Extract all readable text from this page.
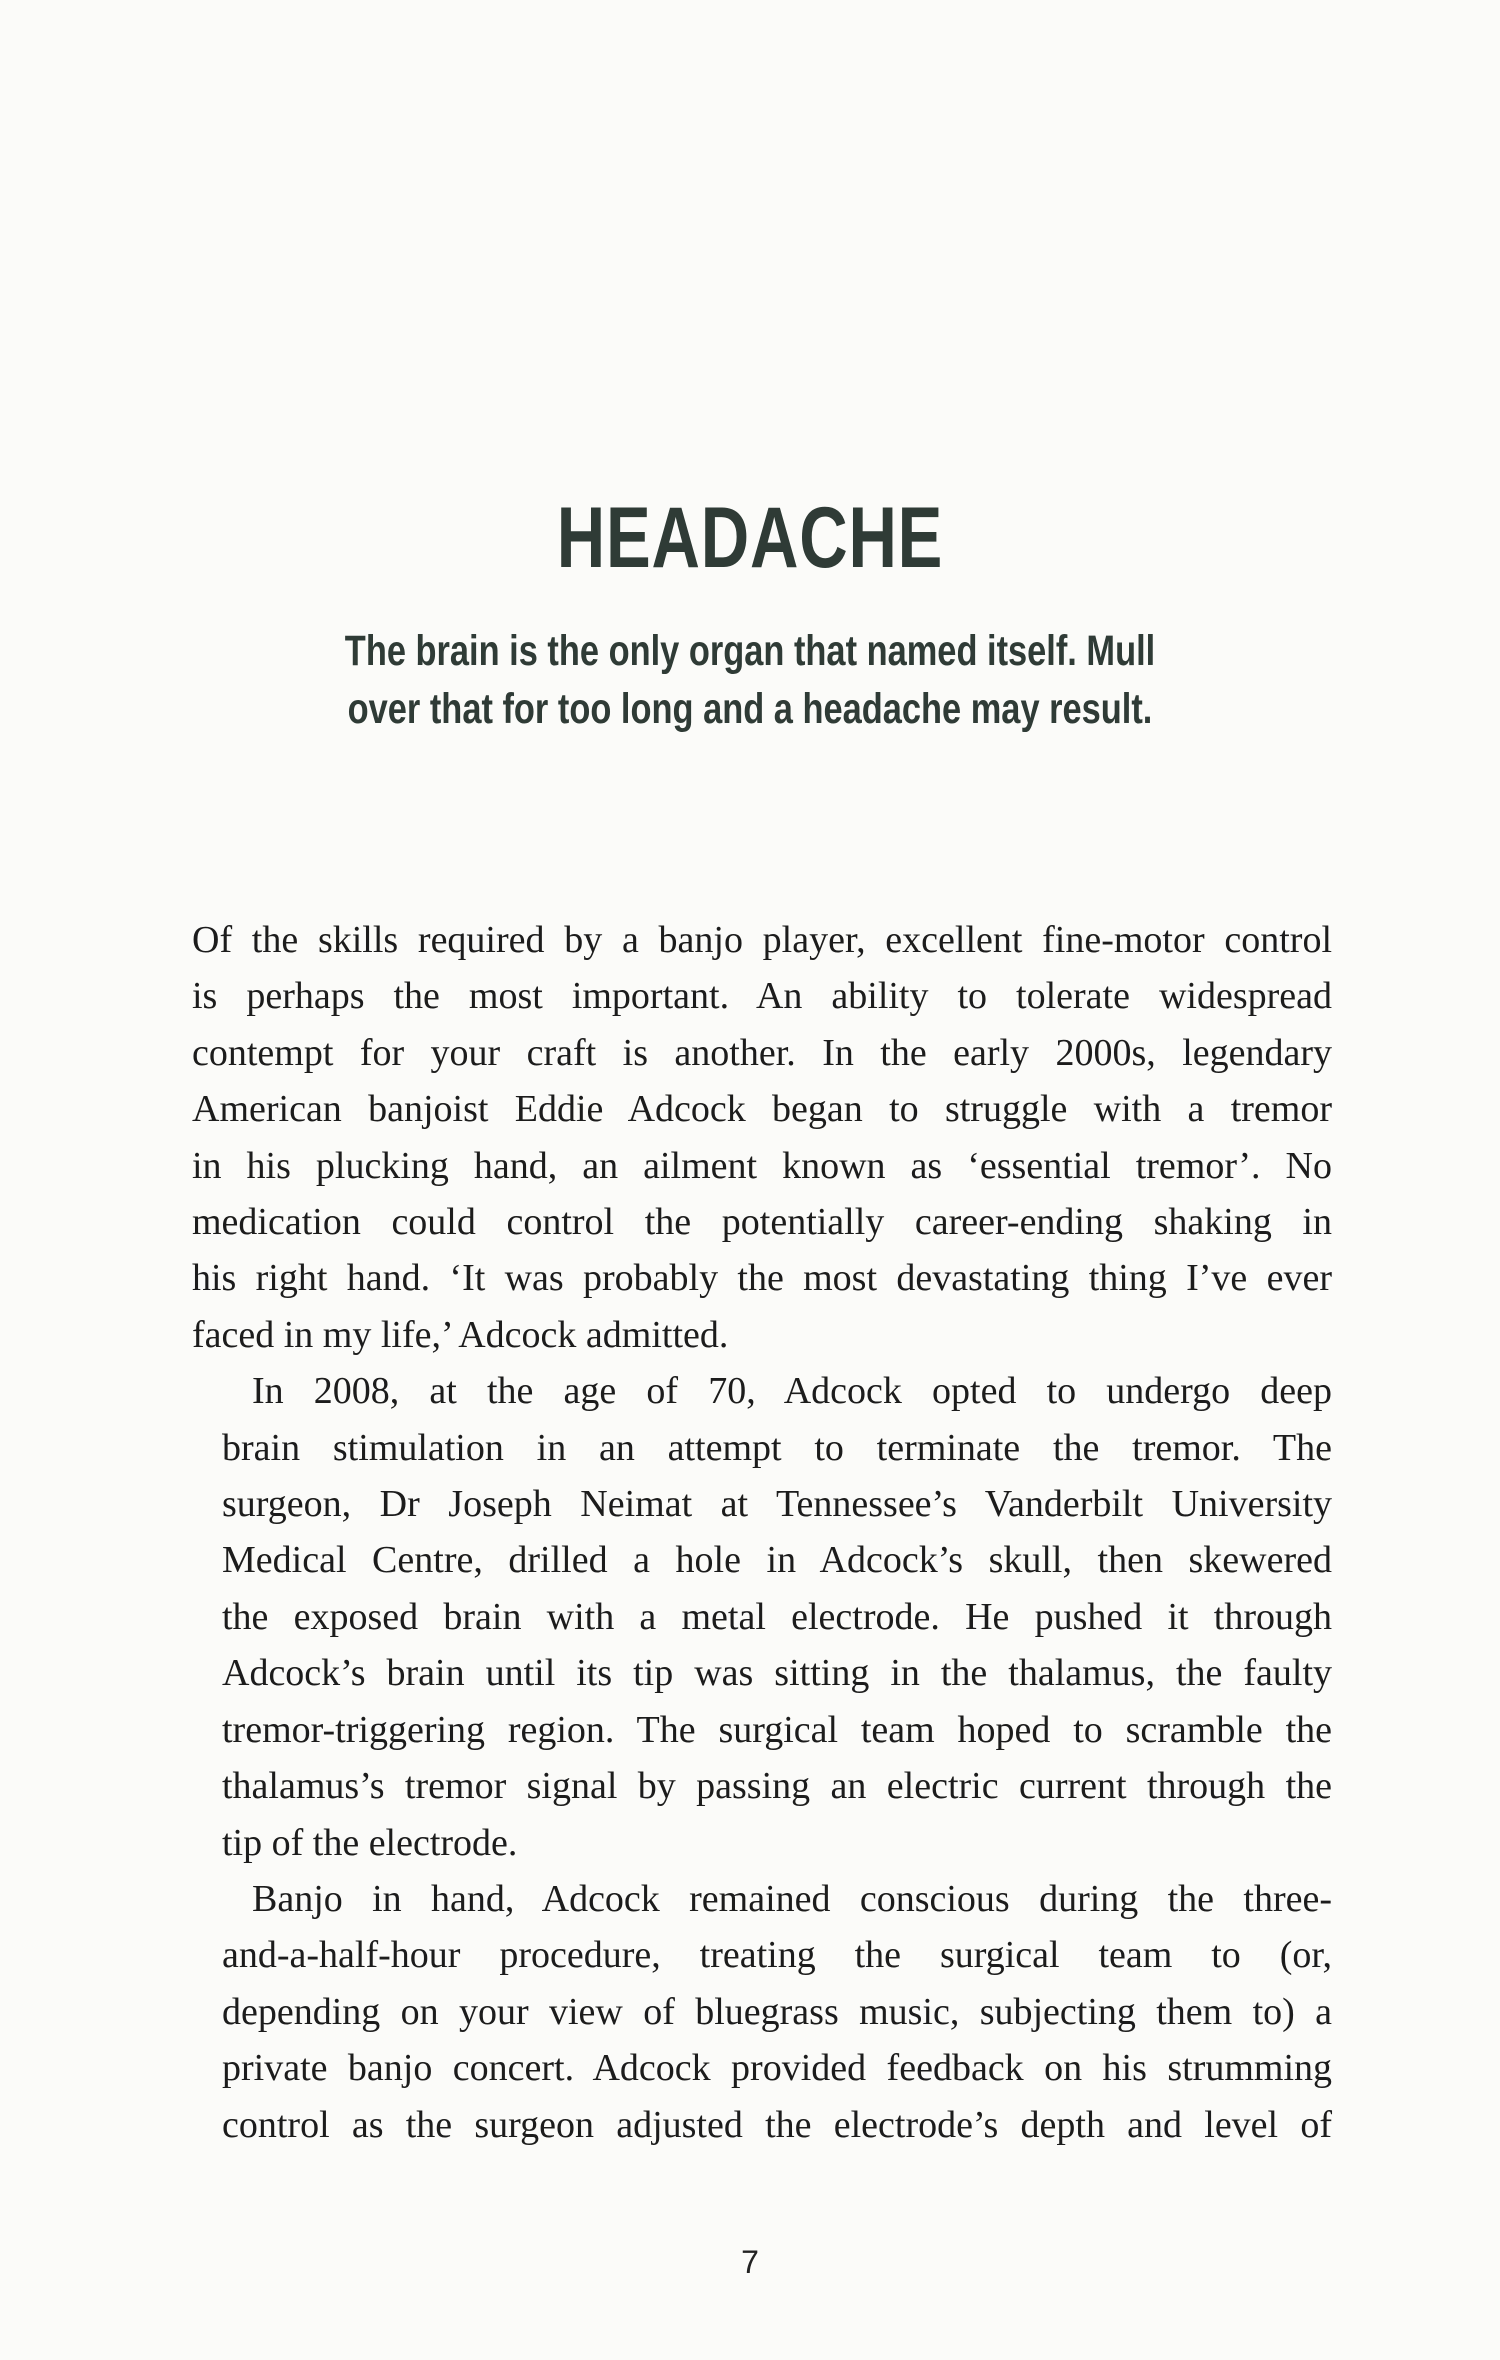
HEADACHE
The brain is the only organ that named itself. Mull
over that for too long and a headache may result.
Of the skills required by a banjo player, excellent fine-motor control
is perhaps the most important. An ability to tolerate widespread
contempt for your craft is another. In the early 2000s, legendary
American banjoist Eddie Adcock began to struggle with a tremor
in his plucking hand, an ailment known as ‘essential tremor’. No
medication could control the potentially career-ending shaking in
his right hand. ‘It was probably the most devastating thing I’ve ever
faced in my life,’ Adcock admitted.
In 2008, at the age of 70, Adcock opted to undergo deep
brain stimulation in an attempt to terminate the tremor. The
surgeon, Dr Joseph Neimat at Tennessee’s Vanderbilt University
Medical Centre, drilled a hole in Adcock’s skull, then skewered
the exposed brain with a metal electrode. He pushed it through
Adcock’s brain until its tip was sitting in the thalamus, the faulty
tremor-triggering region. The surgical team hoped to scramble the
thalamus’s tremor signal by passing an electric current through the
tip of the electrode.
Banjo in hand, Adcock remained conscious during the three-
and-a-half-hour procedure, treating the surgical team to (or,
depending on your view of bluegrass music, subjecting them to) a
private banjo concert. Adcock provided feedback on his strumming
control as the surgeon adjusted the electrode’s depth and level of
7
